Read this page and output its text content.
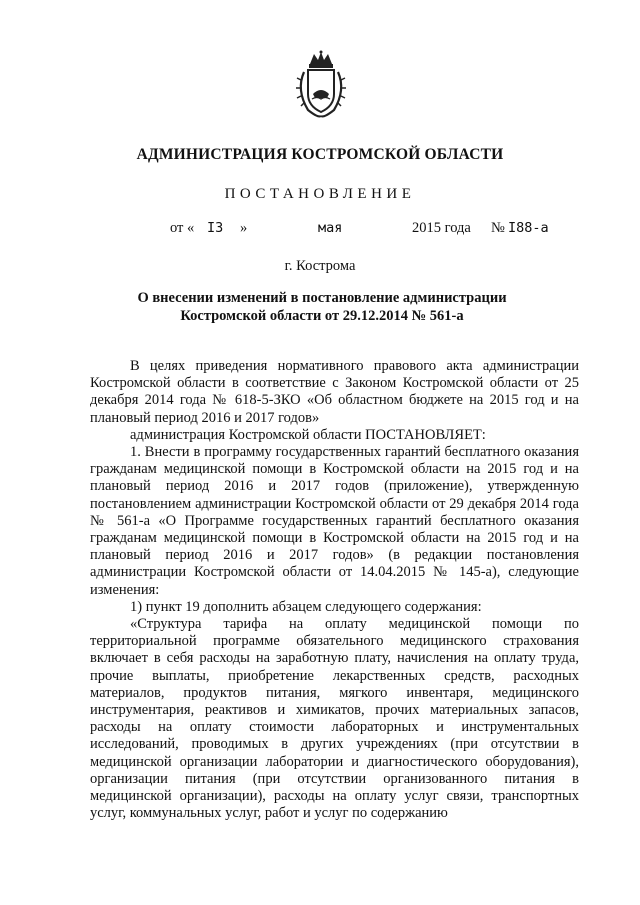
АДМИНИСТРАЦИЯ КОСТРОМСКОЙ ОБЛАСТИ
ПОСТАНОВЛЕНИЕ
от « I3 »	мая	2015 года № I88-а
г. Кострома
О внесении изменений в постановление администрации
Костромской области от 29.12.2014 № 561-а

В целях приведения нормативного правового акта администрации Костромской области в соответствие с Законом Костромской области от 25 декабря 2014 года № 618-5-ЗКО «Об областном бюджете на 2015 год и на плановый период 2016 и 2017 годов»

администрация Костромской области ПОСТАНОВЛЯЕТ:

1. Внести в программу государственных гарантий бесплатного оказания гражданам медицинской помощи в Костромской области на 2015 год и на плановый период 2016 и 2017 годов (приложение), утвержденную постановлением администрации Костромской области от 29 декабря 2014 года № 561-а «О Программе государственных гарантий бесплатного оказания гражданам медицинской помощи в Костромской области на 2015 год и на плановый период 2016 и 2017 годов» (в редакции постановления администрации Костромской области от 14.04.2015 № 145-а), следующие изменения:

1) пункт 19 дополнить абзацем следующего содержания:

«Структура тарифа на оплату медицинской помощи по территориальной программе обязательного медицинского страхования включает в себя расходы на заработную плату, начисления на оплату труда, прочие выплаты, приобретение лекарственных средств, расходных материалов, продуктов питания, мягкого инвентаря, медицинского инструментария, реактивов и химикатов, прочих материальных запасов, расходы на оплату стоимости лабораторных и инструментальных исследований, проводимых в других учреждениях (при отсутствии в медицинской организации лаборатории и диагностического оборудования), организации питания (при отсутствии организованного питания в медицинской организации), расходы на оплату услуг связи, транспортных услуг, коммунальных услуг, работ и услуг по содержанию
